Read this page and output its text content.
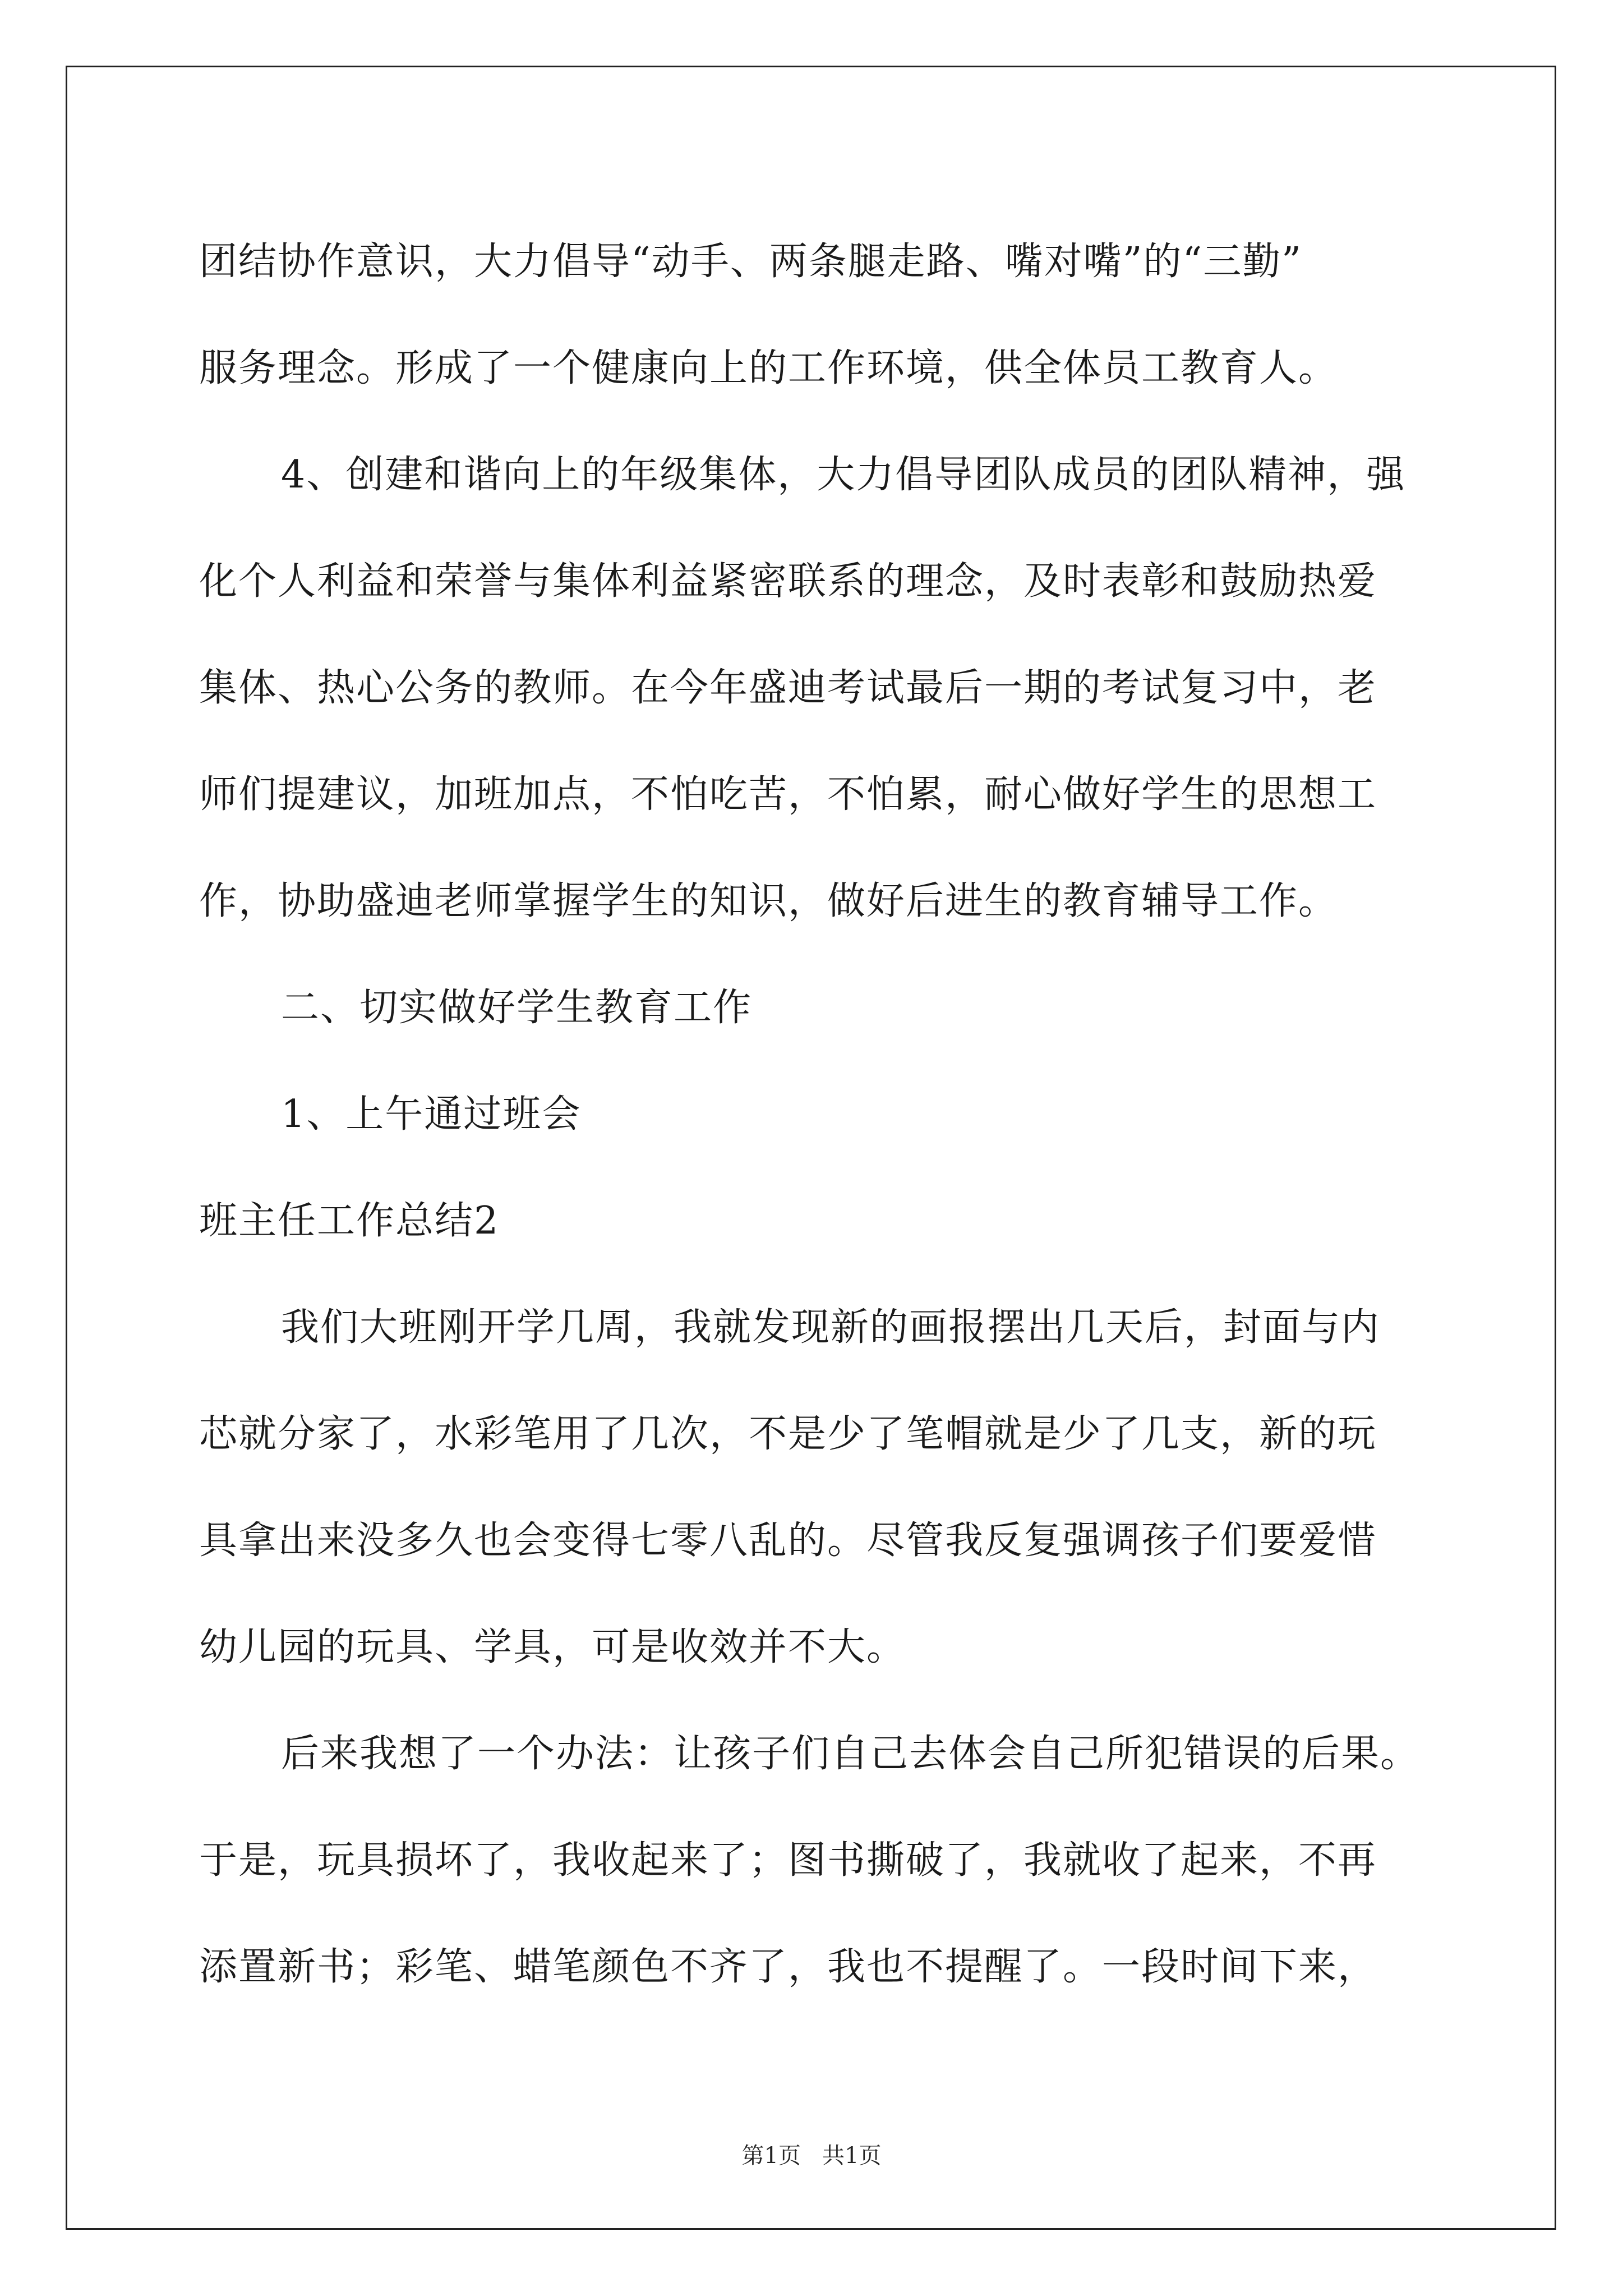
团结协作意识，大力倡导“动手、两条腿走路、嘴对嘴”的“三勤”
服务理念。形成了一个健康向上的工作环境，供全体员工教育人。
4、创建和谐向上的年级集体，大力倡导团队成员的团队精神，强
化个人利益和荣誉与集体利益紧密联系的理念，及时表彰和鼓励热爱
集体、热心公务的教师。在今年盛迪考试最后一期的考试复习中，老
师们提建议，加班加点，不怕吃苦，不怕累，耐心做好学生的思想工
作，协助盛迪老师掌握学生的知识，做好后进生的教育辅导工作。
二、切实做好学生教育工作
1、上午通过班会
班主任工作总结2
我们大班刚开学几周，我就发现新的画报摆出几天后，封面与内
芯就分家了，水彩笔用了几次，不是少了笔帽就是少了几支，新的玩
具拿出来没多久也会变得七零八乱的。尽管我反复强调孩子们要爱惜
幼儿园的玩具、学具，可是收效并不大。
后来我想了一个办法：让孩子们自己去体会自己所犯错误的后果。
于是，玩具损坏了，我收起来了；图书撕破了，我就收了起来，不再
添置新书；彩笔、蜡笔颜色不齐了，我也不提醒了。一段时间下来，
第1页 共1页
